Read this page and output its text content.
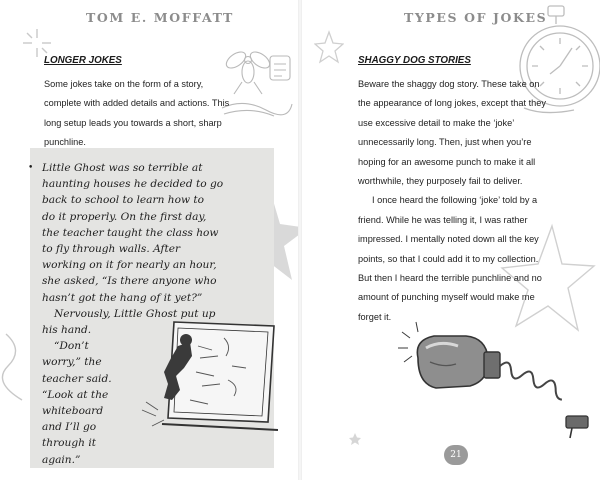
TOM E. MOFFATT
LONGER JOKES

Some jokes take on the form of a story,

complete with added details and actions. This

long setup leads you towards a short, sharp

punchline.

• Little Ghost was so terrible at

haunting houses he decided to go

back to school to learn how to

do it properly. On the first day,

the teacher taught the class how

to fly through walls. After

working on it for nearly an hour,

she asked, “Is there anyone who

hasn’t got the hang of it yet?”

Nervously, Little Ghost put up

his hand.

“Don’t

worry,” the

teacher said.

“Look at the

whiteboard

and I’ll go

through it

again.”

TYPES OF JOKES
SHAGGY DOG STORIES

Beware the shaggy dog story. These take on

the appearance of long jokes, except that they

use excessive detail to make the ‘joke’

unnecessarily long. Then, just when you’re

hoping for an awesome punch to make it all

worthwhile, they purposely fail to deliver.

I once heard the following ‘joke’ told by a

friend. While he was telling it, I was rather

impressed. I mentally noted down all the key

points, so that I could add it to my collection.

But then I heard the terrible punchline and no

amount of punching myself would make me

forget it.

21
